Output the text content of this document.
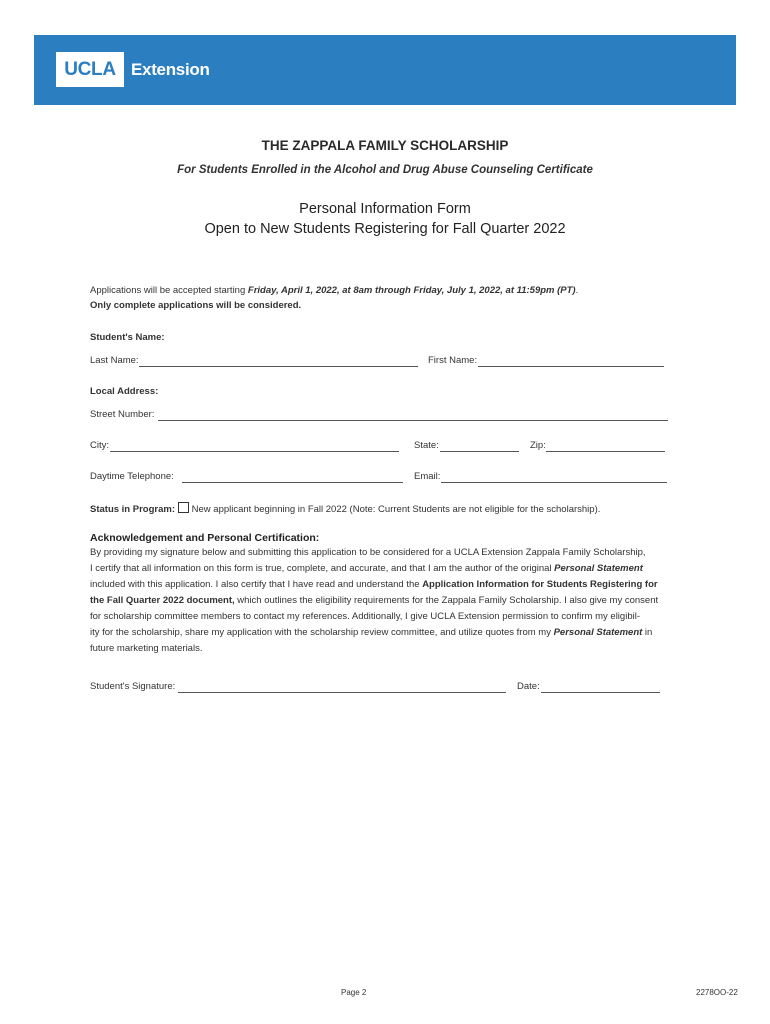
UCLA Extension
THE ZAPPALA FAMILY SCHOLARSHIP
For Students Enrolled in the Alcohol and Drug Abuse Counseling Certificate
Personal Information Form
Open to New Students Registering for Fall Quarter 2022
Applications will be accepted starting Friday, April 1, 2022, at 8am through Friday, July 1, 2022, at 11:59pm (PT).
Only complete applications will be considered.
Student's Name:
Last Name:	First Name:
Local Address:
Street Number:
City:	State:	Zip:
Daytime Telephone:	Email:
Status in Program: New applicant beginning in Fall 2022 (Note: Current Students are not eligible for the scholarship).
Acknowledgement and Personal Certification:
By providing my signature below and submitting this application to be considered for a UCLA Extension Zappala Family Scholarship,
I certify that all information on this form is true, complete, and accurate, and that I am the author of the original Personal Statement
included with this application. I also certify that I have read and understand the Application Information for Students Registering for
the Fall Quarter 2022 document, which outlines the eligibility requirements for the Zappala Family Scholarship. I also give my consent
for scholarship committee members to contact my references. Additionally, I give UCLA Extension permission to confirm my eligibil-
ity for the scholarship, share my application with the scholarship review committee, and utilize quotes from my Personal Statement in
future marketing materials.
Student's Signature:	Date:
Page 2	2278OO-22
